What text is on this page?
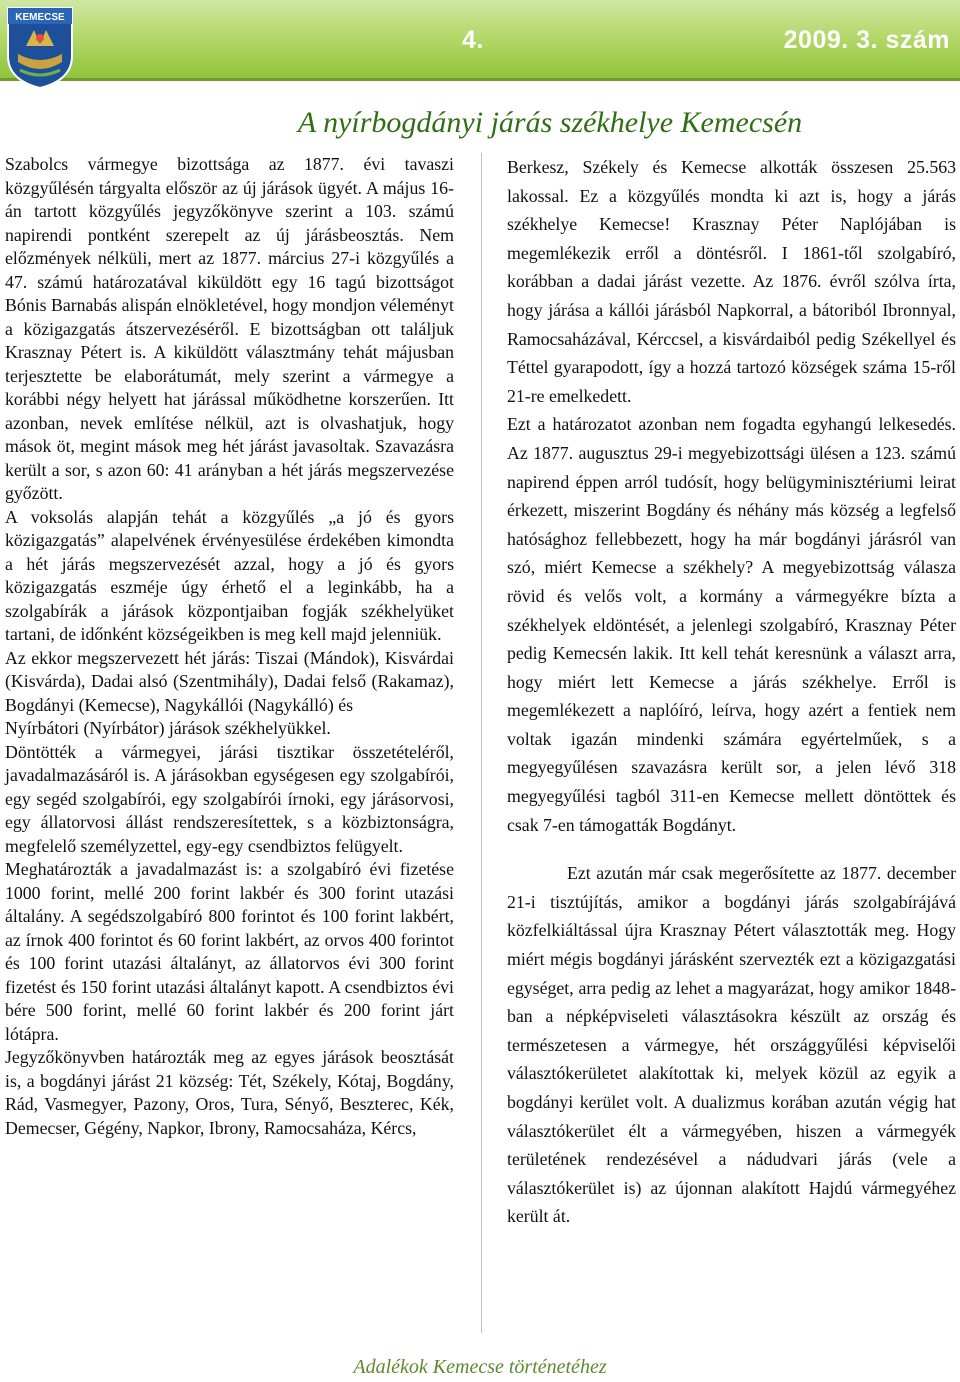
KEMECSE
4.	2009. 3. szám
A nyírbogdányi járás székhelye Kemecsén

Szabolcs vármegye bizottsága az 1877. évi tavaszi közgyűlésén tárgyalta először az új járások ügyét. A május 16-án tartott közgyűlés jegyzőkönyve szerint a 103. számú napirendi pontként szerepelt az új járásbeosztás. Nem előzmények nélküli, mert az 1877. március 27-i közgyűlés a 47. számú határozatával kiküldött egy 16 tagú bizottságot Bónis Barnabás alispán elnökletével, hogy mondjon véleményt a közigazgatás átszervezéséről. E bizottságban ott találjuk Krasznay Pétert is. A kiküldött választmány tehát májusban terjesztette be elaborátumát, mely szerint a vármegye a korábbi négy helyett hat járással működhetne korszerűen. Itt azonban, nevek említése nélkül, azt is olvashatjuk, hogy mások öt, megint mások meg hét járást javasoltak. Szavazásra került a sor, s azon 60: 41 arányban a hét járás megszervezése győzött.

A voksolás alapján tehát a közgyűlés „a jó és gyors közigazgatás” alapelvének érvényesülése érdekében kimondta a hét járás megszervezését azzal, hogy a jó és gyors közigazgatás eszméje úgy érhető el a leginkább, ha a szolgabírák a járások központjaiban fogják székhelyüket tartani, de időnként községeikben is meg kell majd jelenniük.

Az ekkor megszervezett hét járás: Tiszai (Mándok), Kisvárdai (Kisvárda), Dadai alsó (Szentmihály), Dadai felső (Rakamaz), Bogdányi (Kemecse), Nagykállói (Nagykálló) és

Nyírbátori (Nyírbátor) járások székhelyükkel.

Döntötték a vármegyei, járási tisztikar összetételéről, javadalmazásáról is. A járásokban egységesen egy szolgabírói, egy segéd szolgabírói, egy szolgabírói írnoki, egy járásorvosi, egy állatorvosi állást rendszeresítettek, s a közbiztonságra, megfelelő személyzettel, egy-egy csendbiztos felügyelt.

Meghatározták a javadalmazást is: a szolgabíró évi fizetése 1000 forint, mellé 200 forint lakbér és 300 forint utazási általány. A segédszolgabíró 800 forintot és 100 forint lakbért, az írnok 400 forintot és 60 forint lakbért, az orvos 400 forintot és 100 forint utazási általányt, az állatorvos évi 300 forint fizetést és 150 forint utazási általányt kapott. A csendbiztos évi bére 500 forint, mellé 60 forint lakbér és 200 forint járt lótápra.

Jegyzőkönyvben határozták meg az egyes járások beosztását is, a bogdányi járást 21 község: Tét, Székely, Kótaj, Bogdány, Rád, Vasmegyer, Pazony, Oros, Tura, Sényő, Beszterec, Kék, Demecser, Gégény, Napkor, Ibrony, Ramocsaháza, Kércs,

Berkesz, Székely és Kemecse alkották összesen 25.563 lakossal. Ez a közgyűlés mondta ki azt is, hogy a járás székhelye Kemecse! Krasznay Péter Naplójában is megemlékezik erről a döntésről. I 1861-től szolgabíró, korábban a dadai járást vezette. Az 1876. évről szólva írta, hogy járása a kállói járásból Napkorral, a bátoriból Ibronnyal, Ramocsaházával, Kérccsel, a kisvárdaiból pedig Székellyel és Téttel gyarapodott, így a hozzá tartozó községek száma 15-ről 21-re emelkedett.

Ezt a határozatot azonban nem fogadta egyhangú lelkesedés. Az 1877. augusztus 29-i megyebizottsági ülésen a 123. számú napirend éppen arról tudósít, hogy belügyminisztériumi leirat érkezett, miszerint Bogdány és néhány más község a legfelső hatósághoz fellebbezett, hogy ha már bogdányi járásról van szó, miért Kemecse a székhely? A megyebizottság válasza rövid és velős volt, a kormány a vármegyékre bízta a székhelyek eldöntését, a jelenlegi szolgabíró, Krasznay Péter pedig Kemecsén lakik. Itt kell tehát keresnünk a választ arra, hogy miért lett Kemecse a járás székhelye. Erről is megemlékezett a naplóíró, leírva, hogy azért a fentiek nem voltak igazán mindenki számára egyértelműek, s a megyegyűlésen szavazásra került sor, a jelen lévő 318 megyegyűlési tagból 311-en Kemecse mellett döntöttek és csak 7-en támogatták Bogdányt.

Ezt azután már csak megerősítette az 1877. december 21-i tisztújítás, amikor a bogdányi járás szolgabírájává közfelkiáltással újra Krasznay Pétert választották meg. Hogy miért mégis bogdányi járásként szervezték ezt a közigazgatási egységet, arra pedig az lehet a magyarázat, hogy amikor 1848-ban a népképviseleti választásokra készült az ország és természetesen a vármegye, hét országgyűlési képviselői választókerületet alakítottak ki, melyek közül az egyik a bogdányi kerület volt. A dualizmus korában azután végig hat választókerület élt a vármegyében, hiszen a vármegyék területének rendezésével a nádudvari járás (vele a választókerület is) az újonnan alakított Hajdú vármegyéhez került át.

Adalékok Kemecse történetéhez
